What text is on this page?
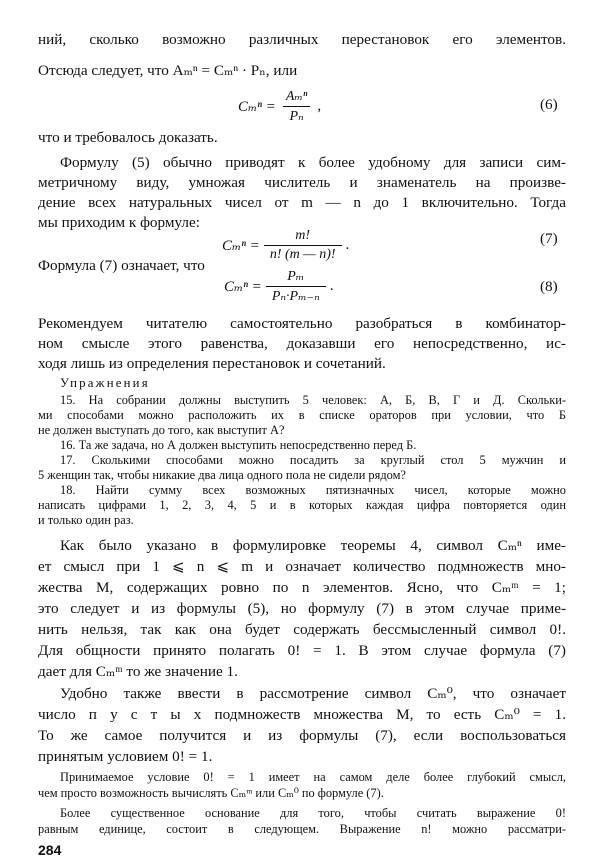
ний, сколько возможно различных перестановок его элементов.
Отсюда следует, что Aₘⁿ = Cₘⁿ · Pₙ, или
$C_m^n = \frac{\text{Aₘⁿ}}{\text{Pₙ}}$ ,	(6)
что и требовалось доказать.
Формулу (5) обычно приводят к более удобному для записи сим-
метричному виду, умножая числитель и знаменатель на произве-
дение всех натуральных чисел от m — n до 1 включительно. Тогда
мы приходим к формуле:
$C_m^n = \frac{m!}{n! (m — n)!}$ .	(7)
Формула (7) означает, что
$C_m^n = \frac{\text{Pₘ}}{\text{Pₙ·Pₘ₋ₙ}}$ .	(8)
Рекомендуем читателю самостоятельно разобраться в комбинатор-
ном смысле этого равенства, доказавши его непосредственно, ис-
ходя лишь из определения перестановок и сочетаний.
Упражнения
15. На собрании должны выступить 5 человек: А, Б, В, Г и Д. Скольки-
ми способами можно расположить их в списке ораторов при условии, что Б
не должен выступать до того, как выступит А?
16. Та же задача, но А должен выступить непосредственно перед Б.
17. Сколькими способами можно посадить за круглый стол 5 мужчин и
5 женщин так, чтобы никакие два лица одного пола не сидели рядом?
18. Найти сумму всех возможных пятизначных чисел, которые можно
написать цифрами 1, 2, 3, 4, 5 и в которых каждая цифра повторяется один
и только один раз.
Как было указано в формулировке теоремы 4, символ Cₘⁿ име-
ет смысл при 1 ⩽ n ⩽ m и означает количество подмножеств мно-
жества M, содержащих ровно по n элементов. Ясно, что Cₘᵐ = 1;
это следует и из формулы (5), но формулу (7) в этом случае приме-
нить нельзя, так как она будет содержать бессмысленный символ 0!.
Для общности принято полагать 0! = 1. В этом случае формула (7)
дает для Cₘᵐ то же значение 1.
Удобно также ввести в рассмотрение символ Cₘ⁰, что означает
число п у с т ы х подмножеств множества M, то есть Cₘ⁰ = 1.
То же самое получится и из формулы (7), если воспользоваться
принятым условием 0! = 1.
Принимаемое условие 0! = 1 имеет на самом деле более глубокий смысл,
чем просто возможность вычислять Cₘᵐ или Cₘ⁰ по формуле (7).
Более существенное основание для того, чтобы считать выражение 0!
равным единице, состоит в следующем. Выражение n! можно рассматри-
284
